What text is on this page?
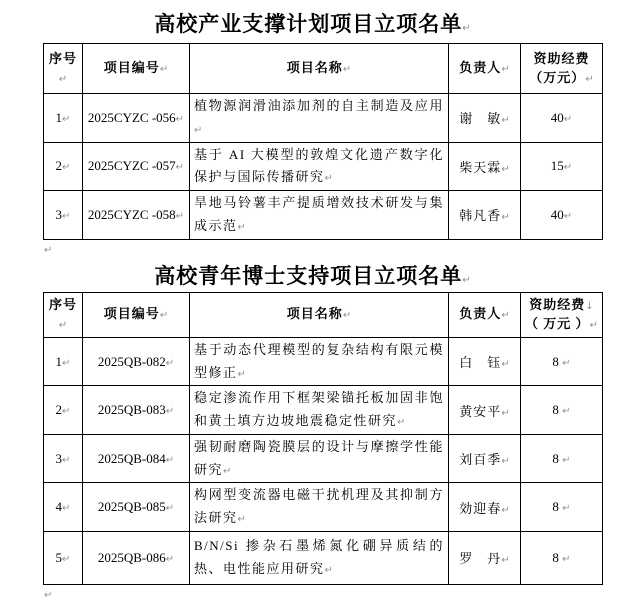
高校产业支撑计划项目立项名单↵
序号↵	项目编号↵	项目名称↵	负责人↵	资助经费
（万元）↵
1↵	2025CYZC -056↵	植物源润滑油添加剂的自主制造及应用↵	谢　敏↵	40↵
2↵	2025CYZC -057↵	基于 AI 大模型的敦煌文化遗产数字化保护与国际传播研究↵	柴天霖↵	15↵
3↵	2025CYZC -058↵	旱地马铃薯丰产提质增效技术研发与集成示范↵	韩凡香↵	40↵
↵
高校青年博士支持项目立项名单↵
序号↵	项目编号↵	项目名称↵	负责人↵	资助经费↓
（ 万元 ）↵
1↵	2025QB-082↵	基于动态代理模型的复杂结构有限元模型修正↵	白　钰↵	8 ↵
2↵	2025QB-083↵	稳定渗流作用下框架梁锚托板加固非饱和黄土填方边坡地震稳定性研究↵	黄安平↵	8 ↵
3↵	2025QB-084↵	强韧耐磨陶瓷膜层的设计与摩擦学性能研究↵	刘百季↵	8 ↵
4↵	2025QB-085↵	构网型变流器电磁干扰机理及其抑制方法研究↵	効迎春↵	8 ↵
5↵	2025QB-086↵	B/N/Si 掺杂石墨烯氮化硼异质结的热、电性能应用研究↵	罗　丹↵	8 ↵
↵
